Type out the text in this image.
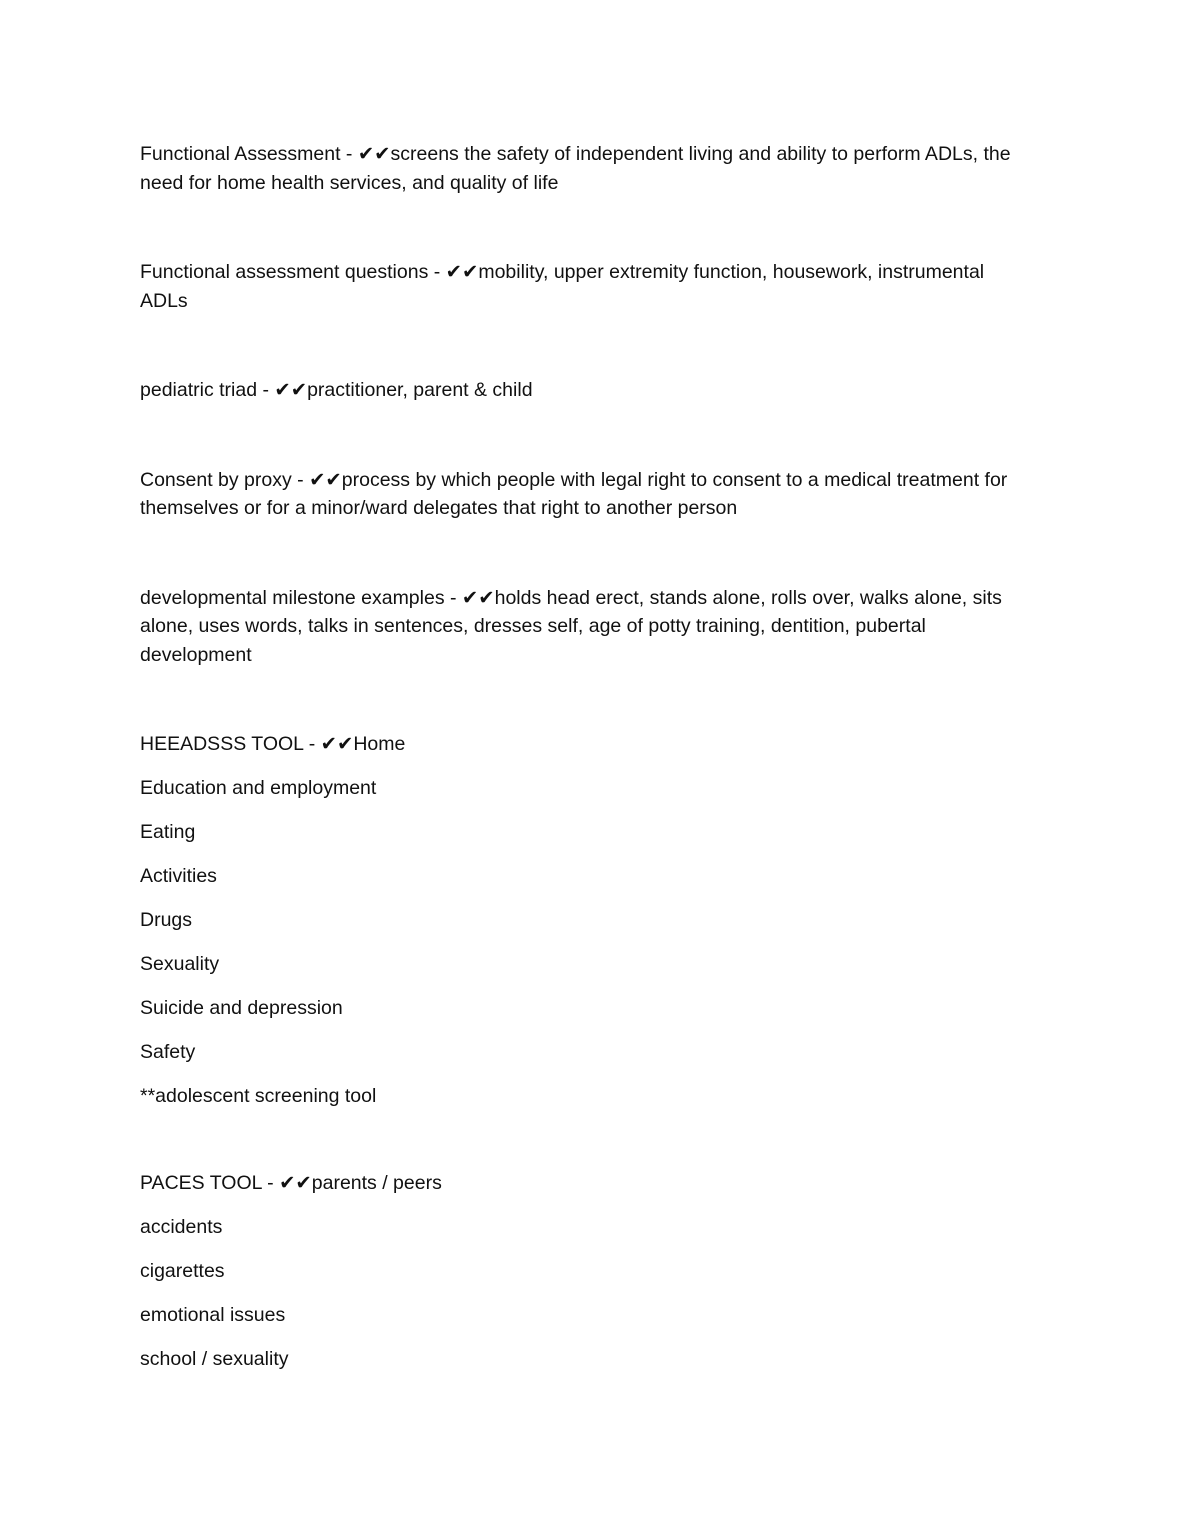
Functional Assessment - ✔✔screens the safety of independent living and ability to perform ADLs, the need for home health services, and quality of life

Functional assessment questions - ✔✔mobility, upper extremity function, housework, instrumental ADLs

pediatric triad - ✔✔practitioner, parent & child

Consent by proxy - ✔✔process by which people with legal right to consent to a medical treatment for themselves or for a minor/ward delegates that right to another person

developmental milestone examples - ✔✔holds head erect, stands alone, rolls over, walks alone, sits alone, uses words, talks in sentences, dresses self, age of potty training, dentition, pubertal development

HEEADSSS TOOL - ✔✔Home

Education and employment

Eating

Activities

Drugs

Sexuality

Suicide and depression

Safety

**adolescent screening tool

PACES TOOL - ✔✔parents / peers

accidents

cigarettes

emotional issues

school / sexuality
